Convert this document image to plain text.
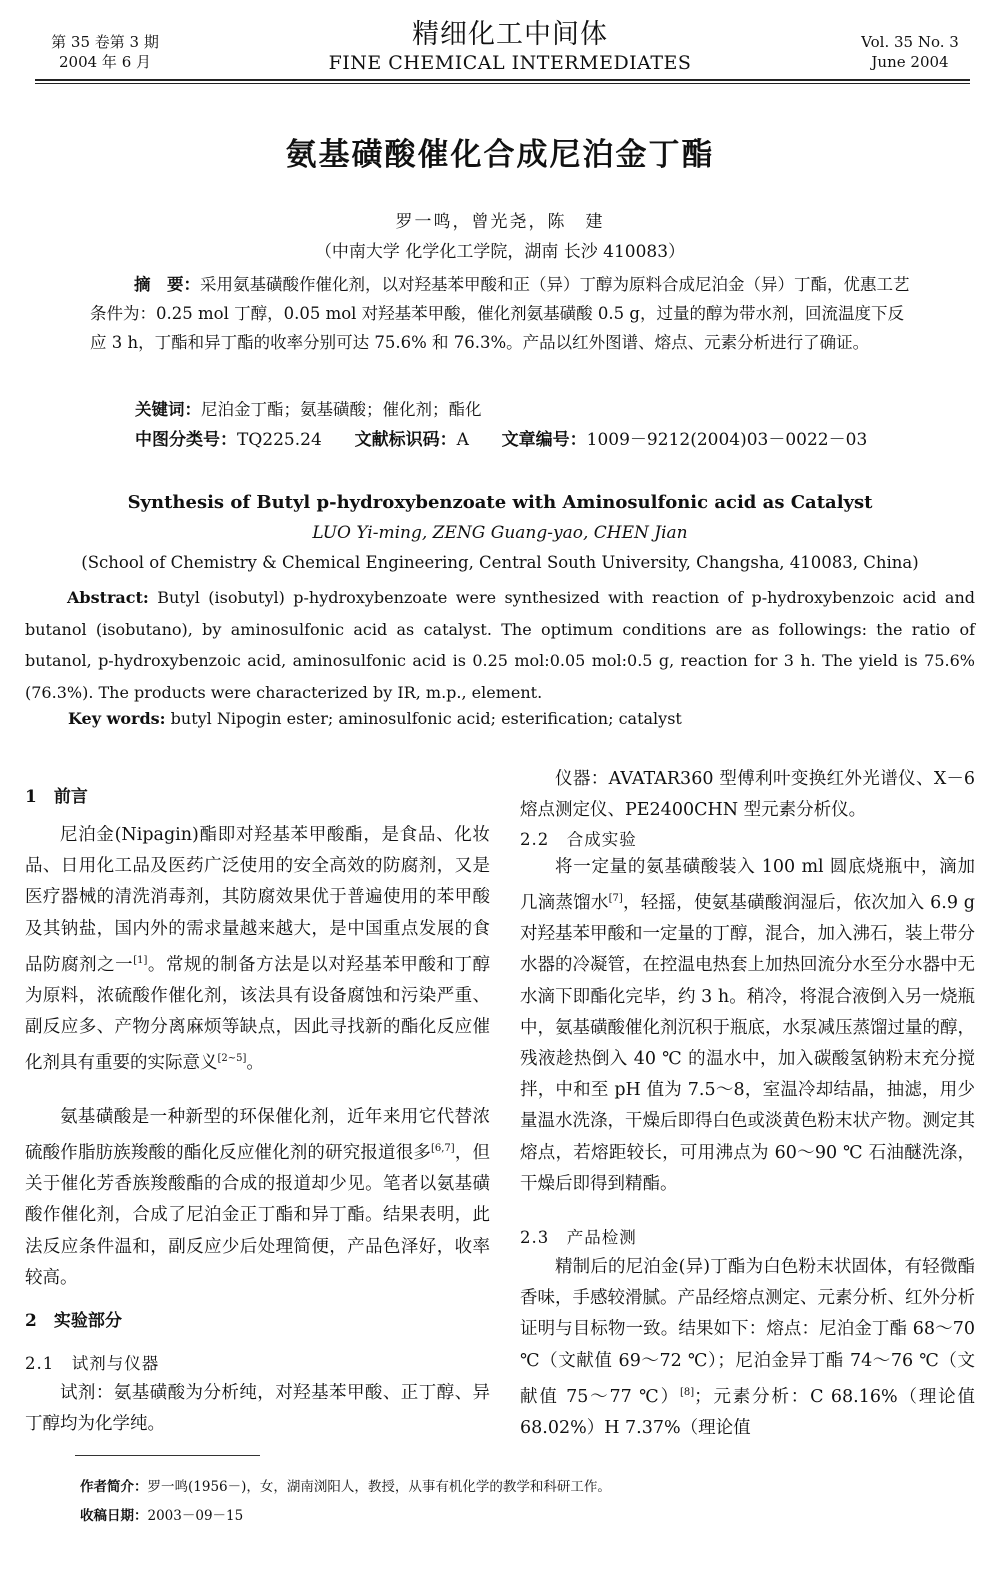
第 35 卷第 3 期
2004 年 6 月
精细化工中间体
FINE CHEMICAL INTERMEDIATES
Vol. 35 No. 3
June 2004
氨基磺酸催化合成尼泊金丁酯
罗一鸣，曾光尧，陈　建
（中南大学 化学化工学院，湖南 长沙 410083）
摘　要：采用氨基磺酸作催化剂，以对羟基苯甲酸和正（异）丁醇为原料合成尼泊金（异）丁酯，优惠工艺条件为：0.25 mol 丁醇，0.05 mol 对羟基苯甲酸，催化剂氨基磺酸 0.5 g，过量的醇为带水剂，回流温度下反应 3 h，丁酯和异丁酯的收率分别可达 75.6% 和 76.3%。产品以红外图谱、熔点、元素分析进行了确证。
关键词：尼泊金丁酯；氨基磺酸；催化剂；酯化
中图分类号：TQ225.24 文献标识码：A 文章编号：1009－9212(2004)03－0022－03
Synthesis of Butyl p-hydroxybenzoate with Aminosulfonic acid as Catalyst
LUO Yi-ming, ZENG Guang-yao, CHEN Jian
(School of Chemistry & Chemical Engineering, Central South University, Changsha, 410083, China)
Abstract: Butyl (isobutyl) p-hydroxybenzoate were synthesized with reaction of p-hydroxybenzoic acid and butanol (isobutano), by aminosulfonic acid as catalyst. The optimum conditions are as followings: the ratio of butanol, p-hydroxybenzoic acid, aminosulfonic acid is 0.25 mol:0.05 mol:0.5 g, reaction for 3 h. The yield is 75.6%(76.3%). The products were characterized by IR, m.p., element.
Key words: butyl Nipogin ester; aminosulfonic acid; esterification; catalyst
1　前言
尼泊金(Nipagin)酯即对羟基苯甲酸酯，是食品、化妆品、日用化工品及医药广泛使用的安全高效的防腐剂，又是医疗器械的清洗消毒剂，其防腐效果优于普遍使用的苯甲酸及其钠盐，国内外的需求量越来越大，是中国重点发展的食品防腐剂之一[1]。常规的制备方法是以对羟基苯甲酸和丁醇为原料，浓硫酸作催化剂，该法具有设备腐蚀和污染严重、副反应多、产物分离麻烦等缺点，因此寻找新的酯化反应催化剂具有重要的实际意义[2~5]。
氨基磺酸是一种新型的环保催化剂，近年来用它代替浓硫酸作脂肪族羧酸的酯化反应催化剂的研究报道很多[6,7]，但关于催化芳香族羧酸酯的合成的报道却少见。笔者以氨基磺酸作催化剂，合成了尼泊金正丁酯和异丁酯。结果表明，此法反应条件温和，副反应少后处理简便，产品色泽好，收率较高。
2　实验部分
2.1　试剂与仪器
试剂：氨基磺酸为分析纯，对羟基苯甲酸、正丁醇、异丁醇均为化学纯。
仪器：AVATAR360 型傅利叶变换红外光谱仪、X－6 熔点测定仪、PE2400CHN 型元素分析仪。
2.2　合成实验
将一定量的氨基磺酸装入 100 ml 圆底烧瓶中，滴加几滴蒸馏水[7]，轻摇，使氨基磺酸润湿后，依次加入 6.9 g 对羟基苯甲酸和一定量的丁醇，混合，加入沸石，装上带分水器的冷凝管，在控温电热套上加热回流分水至分水器中无水滴下即酯化完毕，约 3 h。稍冷，将混合液倒入另一烧瓶中，氨基磺酸催化剂沉积于瓶底，水泵减压蒸馏过量的醇，残液趁热倒入 40 ℃ 的温水中，加入碳酸氢钠粉末充分搅拌，中和至 pH 值为 7.5～8，室温冷却结晶，抽滤，用少量温水洗涤，干燥后即得白色或淡黄色粉末状产物。测定其熔点，若熔距较长，可用沸点为 60～90 ℃ 石油醚洗涤，干燥后即得到精酯。
2.3　产品检测
精制后的尼泊金(异)丁酯为白色粉末状固体，有轻微酯香味，手感较滑腻。产品经熔点测定、元素分析、红外分析证明与目标物一致。结果如下：熔点：尼泊金丁酯 68～70 ℃（文献值 69～72 ℃）；尼泊金异丁酯 74～76 ℃（文献值 75～77 ℃）[8]；元素分析：C 68.16%（理论值 68.02%）H 7.37%（理论值
作者简介：罗一鸣(1956－)，女，湖南浏阳人，教授，从事有机化学的教学和科研工作。
收稿日期：2003－09－15
